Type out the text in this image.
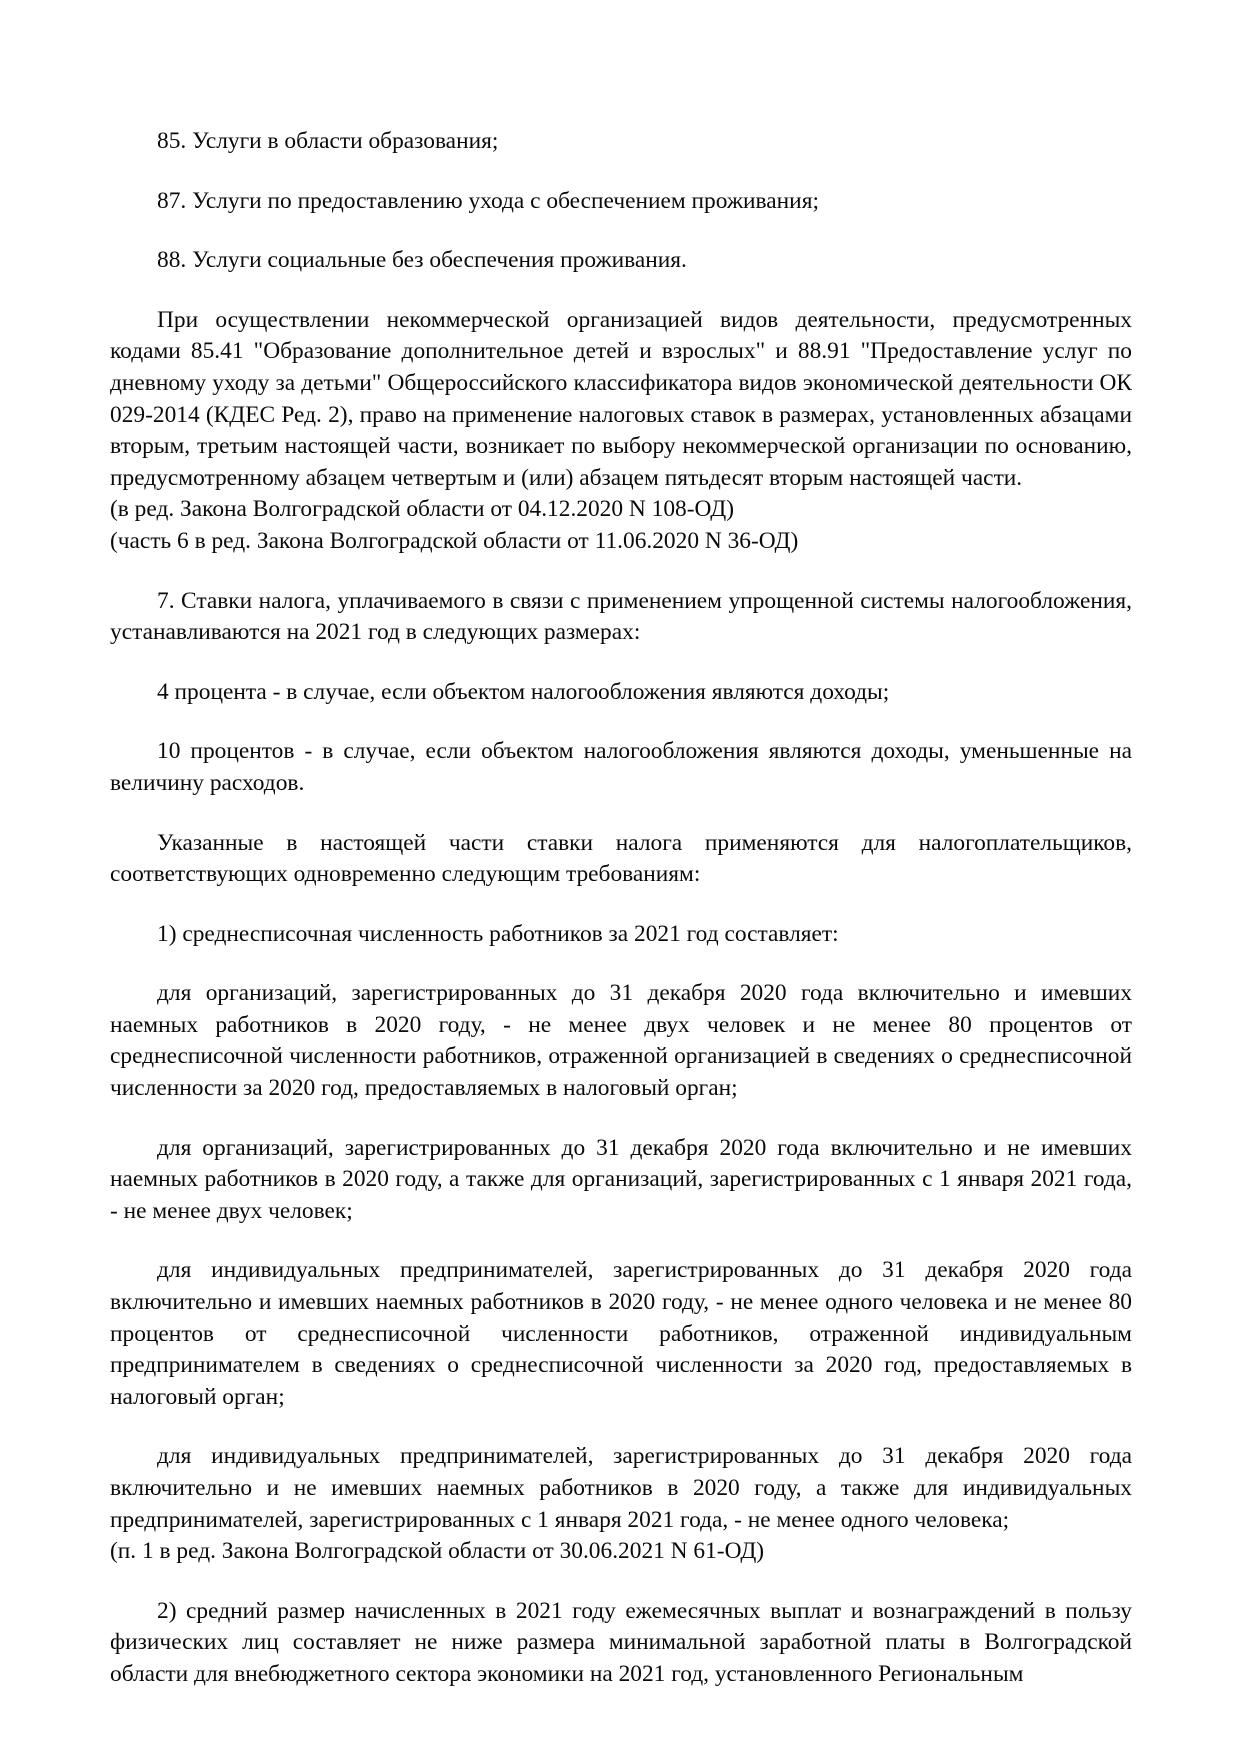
85. Услуги в области образования;

87. Услуги по предоставлению ухода с обеспечением проживания;

88. Услуги социальные без обеспечения проживания.

При осуществлении некоммерческой организацией видов деятельности, предусмотренных кодами 85.41 "Образование дополнительное детей и взрослых" и 88.91 "Предоставление услуг по дневному уходу за детьми" Общероссийского классификатора видов экономической деятельности ОК 029-2014 (КДЕС Ред. 2), право на применение налоговых ставок в размерах, установленных абзацами вторым, третьим настоящей части, возникает по выбору некоммерческой организации по основанию, предусмотренному абзацем четвертым и (или) абзацем пятьдесят вторым настоящей части.

(в ред. Закона Волгоградской области от 04.12.2020 N 108-ОД)

(часть 6 в ред. Закона Волгоградской области от 11.06.2020 N 36-ОД)

7. Ставки налога, уплачиваемого в связи с применением упрощенной системы налогообложения, устанавливаются на 2021 год в следующих размерах:

4 процента - в случае, если объектом налогообложения являются доходы;

10 процентов - в случае, если объектом налогообложения являются доходы, уменьшенные на величину расходов.

Указанные в настоящей части ставки налога применяются для налогоплательщиков, соответствующих одновременно следующим требованиям:

1) среднесписочная численность работников за 2021 год составляет:

для организаций, зарегистрированных до 31 декабря 2020 года включительно и имевших наемных работников в 2020 году, - не менее двух человек и не менее 80 процентов от среднесписочной численности работников, отраженной организацией в сведениях о среднесписочной численности за 2020 год, предоставляемых в налоговый орган;

для организаций, зарегистрированных до 31 декабря 2020 года включительно и не имевших наемных работников в 2020 году, а также для организаций, зарегистрированных с 1 января 2021 года, - не менее двух человек;

для индивидуальных предпринимателей, зарегистрированных до 31 декабря 2020 года включительно и имевших наемных работников в 2020 году, - не менее одного человека и не менее 80 процентов от среднесписочной численности работников, отраженной индивидуальным предпринимателем в сведениях о среднесписочной численности за 2020 год, предоставляемых в налоговый орган;

для индивидуальных предпринимателей, зарегистрированных до 31 декабря 2020 года включительно и не имевших наемных работников в 2020 году, а также для индивидуальных предпринимателей, зарегистрированных с 1 января 2021 года, - не менее одного человека;

(п. 1 в ред. Закона Волгоградской области от 30.06.2021 N 61-ОД)

2) средний размер начисленных в 2021 году ежемесячных выплат и вознаграждений в пользу физических лиц составляет не ниже размера минимальной заработной платы в Волгоградской области для внебюджетного сектора экономики на 2021 год, установленного Региональным
